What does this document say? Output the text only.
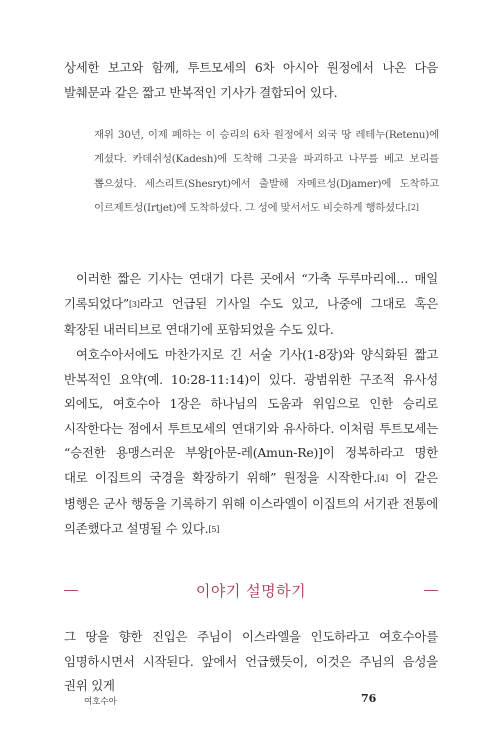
상세한 보고와 함께, 투트모세의 6차 아시아 원정에서 나온 다음 발췌문과 같은 짧고 반복적인 기사가 결합되어 있다.

재위 30년, 이제 폐하는 이 승리의 6차 원정에서 외국 땅 레테누(Retenu)에 계셨다. 카데쉬성(Kadesh)에 도착해 그곳을 파괴하고 나무를 베고 보리를 뽑으셨다. 세스리트(Shesryt)에서 출발해 자메르성(Djamer)에 도착하고 이르제트성(Irtjet)에 도착하셨다. 그 성에 맞서서도 비슷하게 행하셨다.[2]

이러한 짧은 기사는 연대기 다른 곳에서 “가축 두루마리에… 매일 기록되었다”[3]라고 언급된 기사일 수도 있고, 나중에 그대로 혹은 확장된 내러티브로 연대기에 포함되었을 수도 있다.

여호수아서에도 마찬가지로 긴 서술 기사(1-8장)와 양식화된 짧고 반복적인 요약(예. 10:28-11:14)이 있다. 광범위한 구조적 유사성 외에도, 여호수아 1장은 하나님의 도움과 위임으로 인한 승리로 시작한다는 점에서 투트모세의 연대기와 유사하다. 이처럼 투트모세는 “승전한 용맹스러운 부왕[아문-레(Amun-Re)]이 정복하라고 명한 대로 이집트의 국경을 확장하기 위해” 원정을 시작한다.[4] 이 같은 병행은 군사 행동을 기록하기 위해 이스라엘이 이집트의 서기관 전통에 의존했다고 설명될 수 있다.[5]

이야기 설명하기

그 땅을 향한 진입은 주님이 이스라엘을 인도하라고 여호수아를 임명하시면서 시작된다. 앞에서 언급했듯이, 이것은 주님의 음성을 권위 있게

여호수아	76
